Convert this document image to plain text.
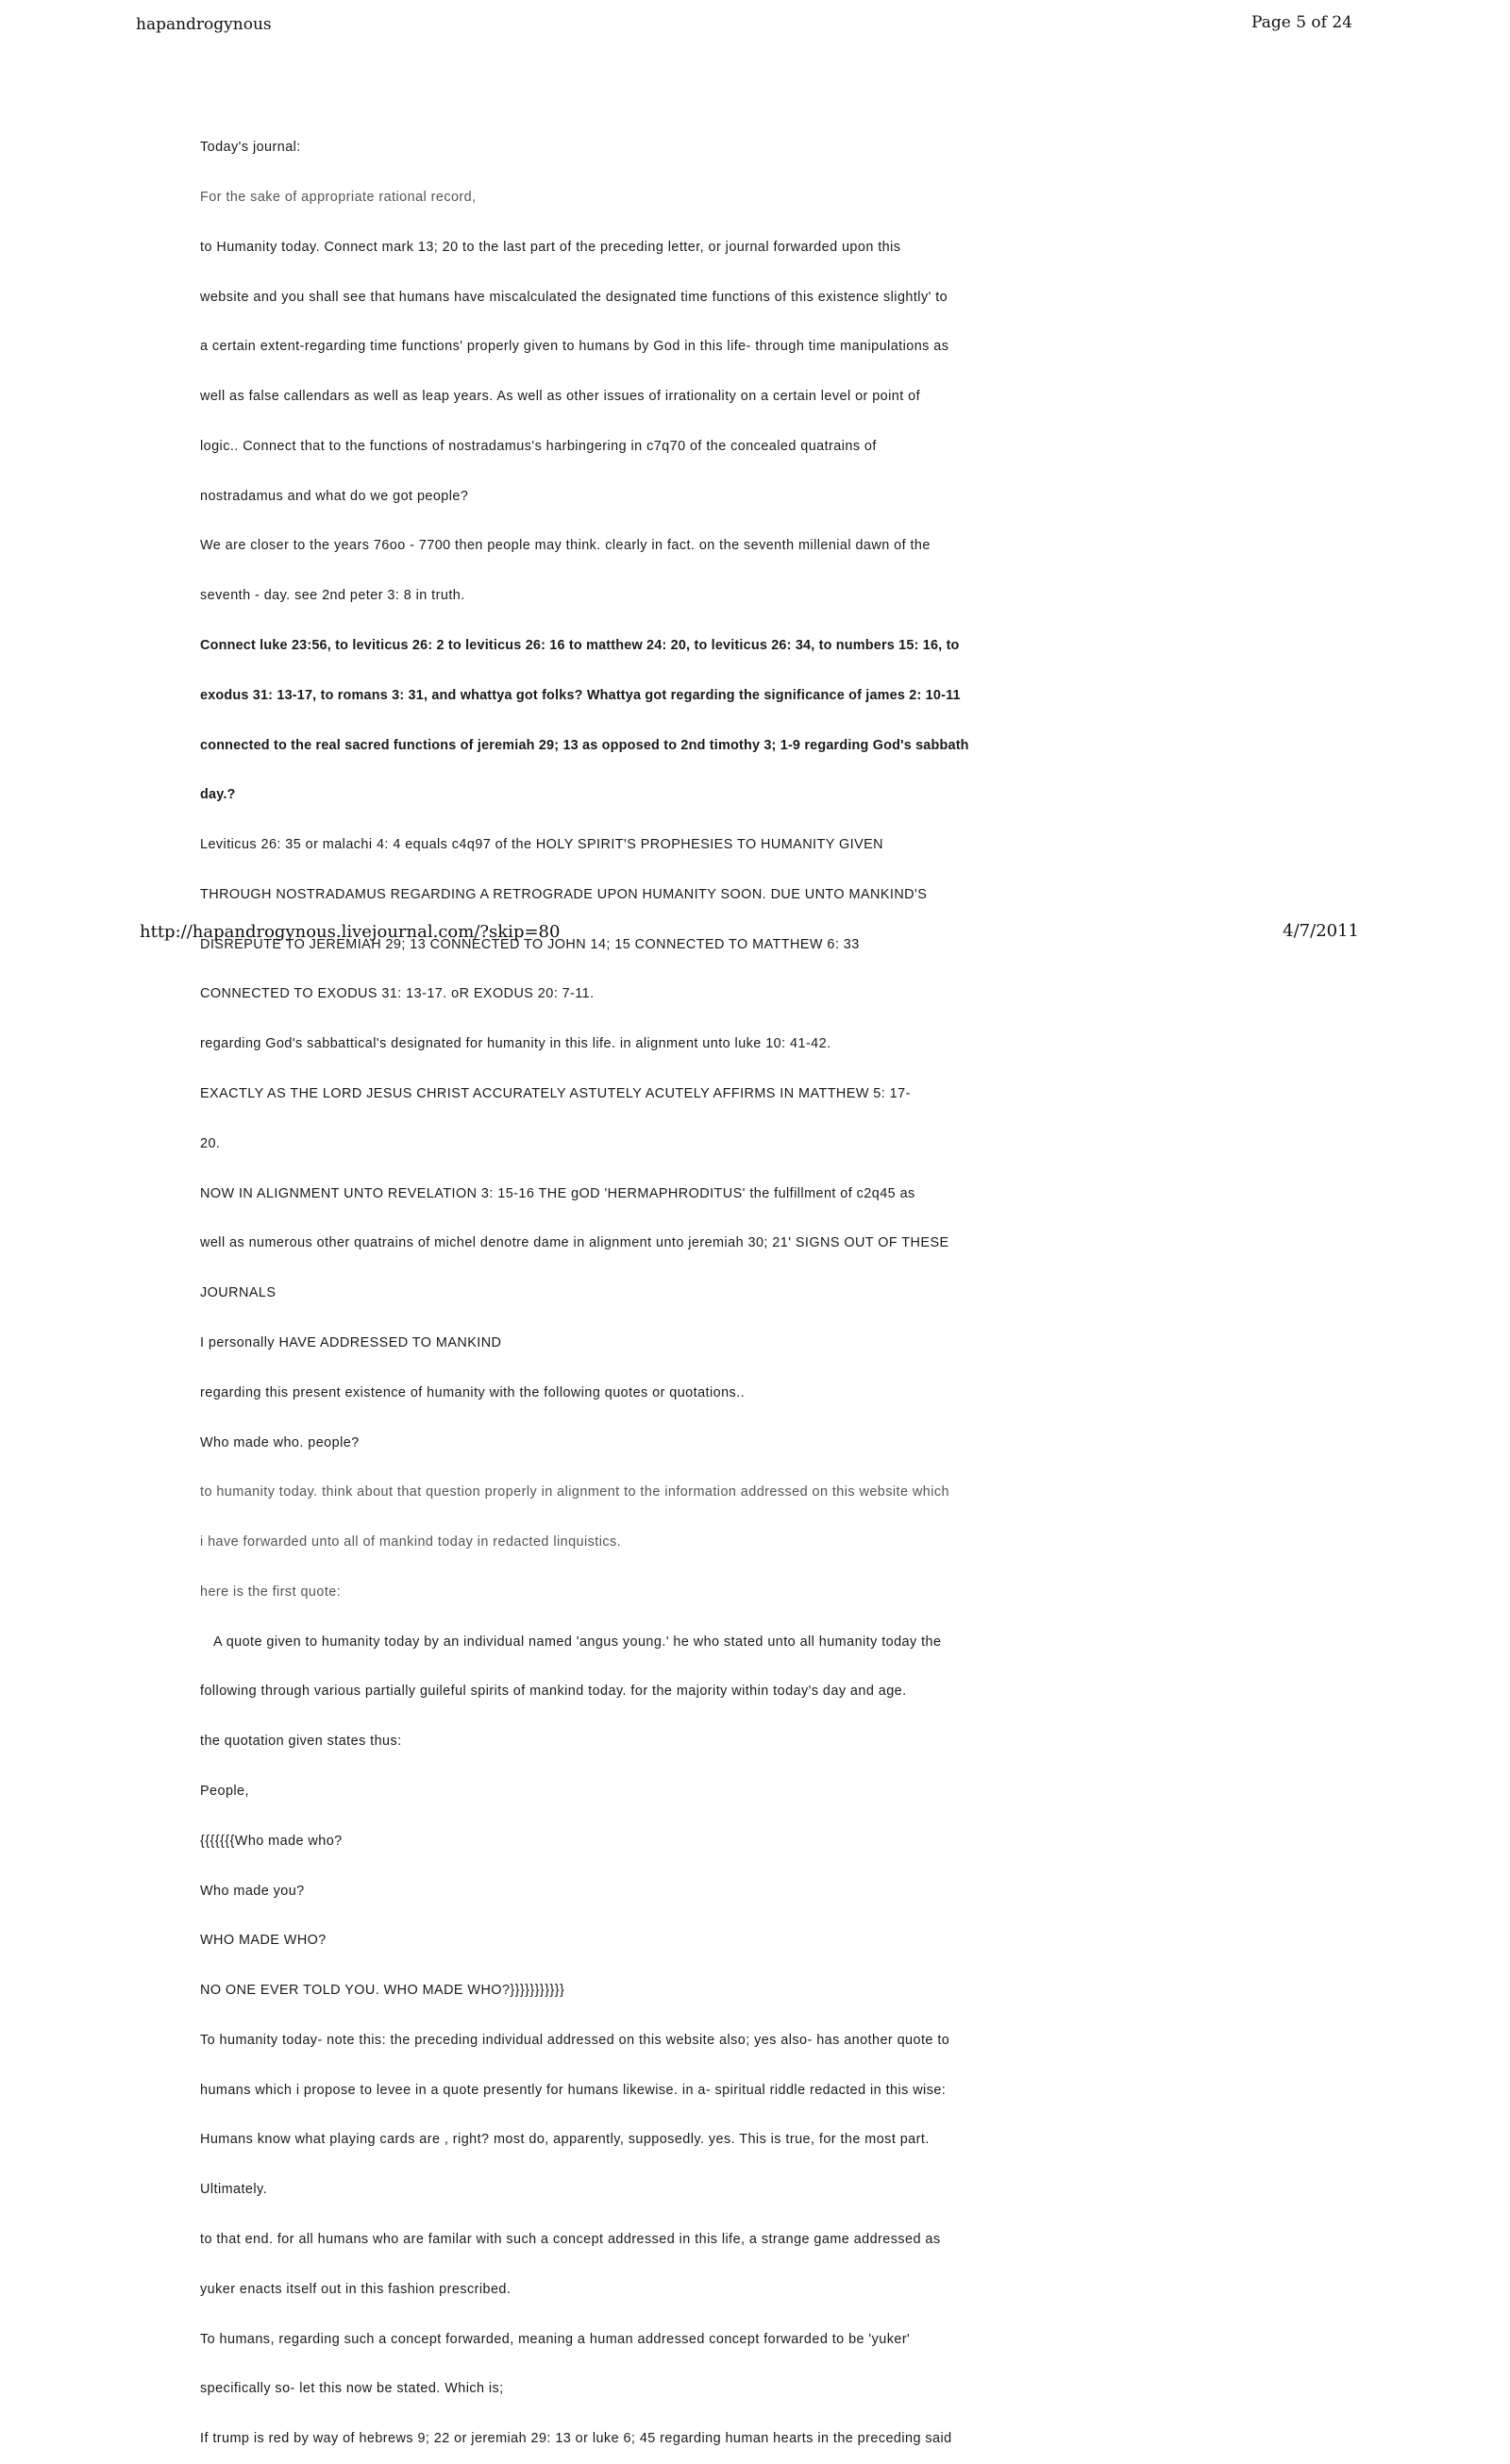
hapandrogynous	Page 5 of 24

Today's journal:

For the sake of appropriate rational record,

to Humanity today. Connect mark 13; 20 to the last part of the preceding letter, or journal forwarded upon this

website and you shall see that humans have miscalculated the designated time functions of this existence slightly' to

a certain extent-regarding time functions' properly given to humans by God in this life- through time manipulations as

well as false callendars as well as leap years. As well as other issues of irrationality on a certain level or point of

logic.. Connect that to the functions of nostradamus's harbingering in c7q70 of the concealed quatrains of

nostradamus and what do we got people?

We are closer to the years 76oo - 7700 then people may think. clearly in fact. on the seventh millenial dawn of the

seventh - day. see 2nd peter 3: 8 in truth.

Connect luke 23:56, to leviticus 26: 2 to leviticus 26: 16 to matthew 24: 20, to leviticus 26: 34, to numbers 15: 16, to

exodus 31: 13-17, to romans 3: 31, and whattya got folks? Whattya got regarding the significance of james 2: 10-11

connected to the real sacred functions of jeremiah 29; 13 as opposed to 2nd timothy 3; 1-9 regarding God's sabbath

day.?

Leviticus 26: 35 or malachi 4: 4 equals c4q97 of the HOLY SPIRIT'S PROPHESIES TO HUMANITY GIVEN

THROUGH NOSTRADAMUS REGARDING A RETROGRADE UPON HUMANITY SOON. DUE UNTO MANKIND'S

DISREPUTE TO JEREMIAH 29; 13 CONNECTED TO JOHN 14; 15 CONNECTED TO MATTHEW 6: 33

CONNECTED TO EXODUS 31: 13-17. oR EXODUS 20: 7-11.

regarding God's sabbattical's designated for humanity in this life. in alignment unto luke 10: 41-42.

EXACTLY AS THE LORD JESUS CHRIST ACCURATELY ASTUTELY ACUTELY AFFIRMS IN MATTHEW 5: 17-

20.

NOW IN ALIGNMENT UNTO REVELATION 3: 15-16 THE gOD 'HERMAPHRODITUS' the fulfillment of c2q45 as

well as numerous other quatrains of michel denotre dame in alignment unto jeremiah 30; 21' SIGNS OUT OF THESE

JOURNALS

I personally HAVE ADDRESSED TO MANKIND

regarding this present existence of humanity with the following quotes or quotations..

Who made who. people?

to humanity today. think about that question properly in alignment to the information addressed on this website which

i have forwarded unto all of mankind today in redacted linquistics.

here is the first quote:

A quote given to humanity today by an individual named 'angus young.' he who stated unto all humanity today the

following through various partially guileful spirits of mankind today. for the majority within today's day and age.

the quotation given states thus:

People,

{{{{{{{Who made who?

Who made you?

WHO MADE WHO?

NO ONE EVER TOLD YOU. WHO MADE WHO?}}}}}}}}}}}

To humanity today- note this: the preceding individual addressed on this website also; yes also- has another quote to

humans which i propose to levee in a quote presently for humans likewise. in a- spiritual riddle redacted in this wise:

Humans know what playing cards are , right? most do, apparently, supposedly. yes. This is true, for the most part.

Ultimately.

to that end. for all humans who are familar with such a concept addressed in this life, a strange game addressed as

yuker enacts itself out in this fashion prescribed.

To humans, regarding such a concept forwarded, meaning a human addressed concept forwarded to be 'yuker'

specifically so- let this now be stated. Which is;

If trump is red by way of hebrews 9; 22 or jeremiah 29: 13 or luke 6; 45 regarding human hearts in the preceding said

http://hapandrogynous.livejournal.com/?skip=80	4/7/2011
